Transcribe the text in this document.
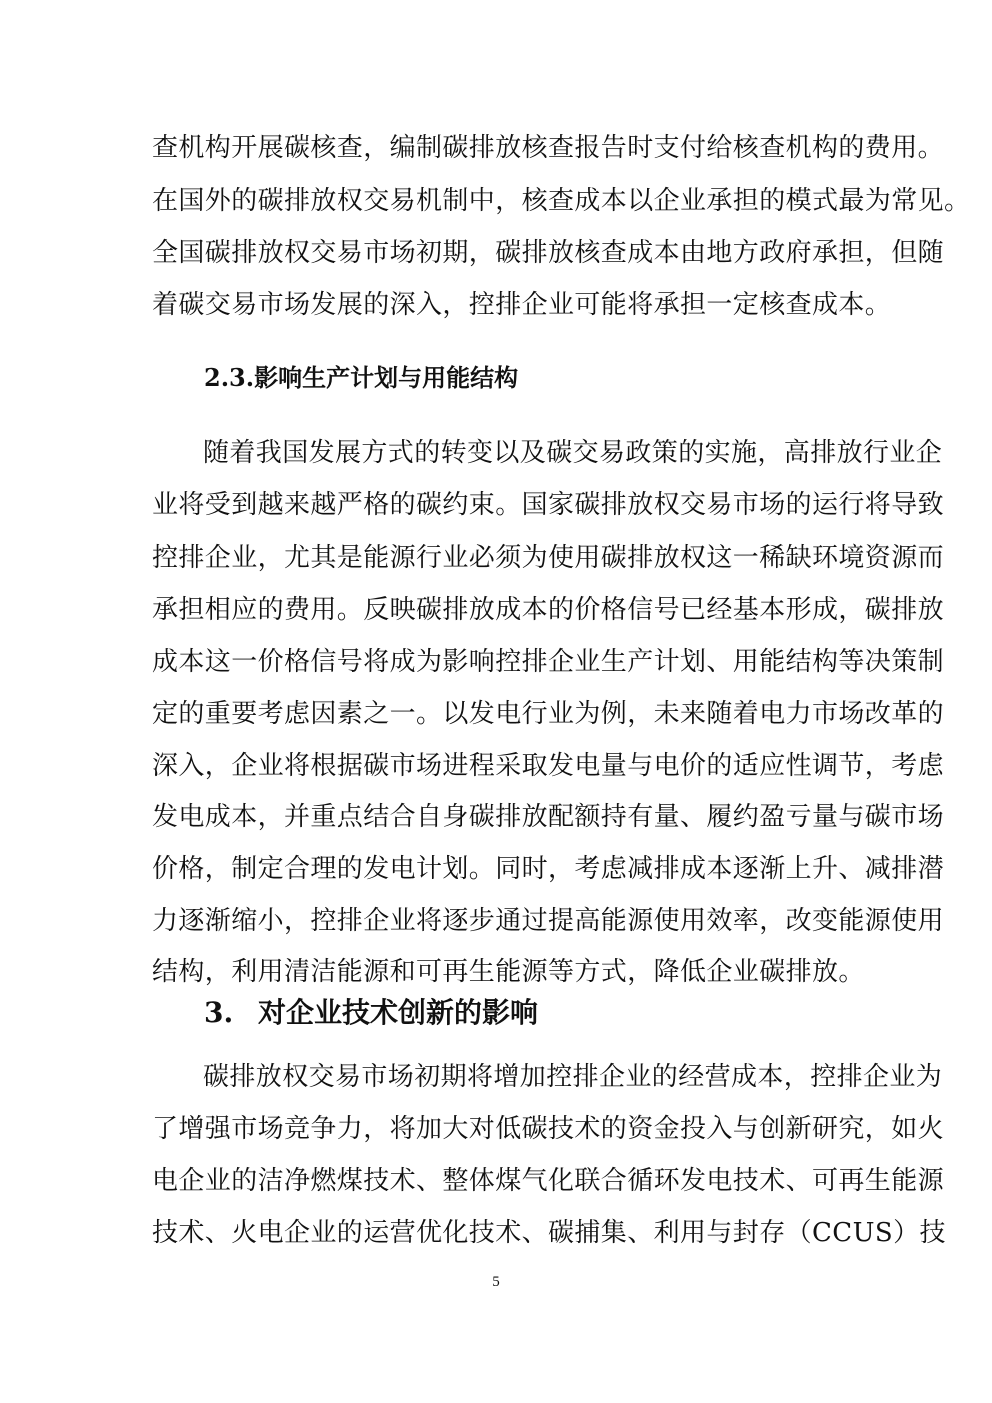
查机构开展碳核查，编制碳排放核查报告时支付给核查机构的费用。

在国外的碳排放权交易机制中，核查成本以企业承担的模式最为常见。

全国碳排放权交易市场初期，碳排放核查成本由地方政府承担，但随

着碳交易市场发展的深入，控排企业可能将承担一定核查成本。

2.3.影响生产计划与用能结构

随着我国发展方式的转变以及碳交易政策的实施，高排放行业企

业将受到越来越严格的碳约束。国家碳排放权交易市场的运行将导致

控排企业，尤其是能源行业必须为使用碳排放权这一稀缺环境资源而

承担相应的费用。反映碳排放成本的价格信号已经基本形成，碳排放

成本这一价格信号将成为影响控排企业生产计划、用能结构等决策制

定的重要考虑因素之一。以发电行业为例，未来随着电力市场改革的

深入，企业将根据碳市场进程采取发电量与电价的适应性调节，考虑

发电成本，并重点结合自身碳排放配额持有量、履约盈亏量与碳市场

价格，制定合理的发电计划。同时，考虑减排成本逐渐上升、减排潜

力逐渐缩小，控排企业将逐步通过提高能源使用效率，改变能源使用

结构，利用清洁能源和可再生能源等方式，降低企业碳排放。

3. 对企业技术创新的影响

碳排放权交易市场初期将增加控排企业的经营成本，控排企业为

了增强市场竞争力，将加大对低碳技术的资金投入与创新研究，如火

电企业的洁净燃煤技术、整体煤气化联合循环发电技术、可再生能源

技术、火电企业的运营优化技术、碳捕集、利用与封存（CCUS）技

5
